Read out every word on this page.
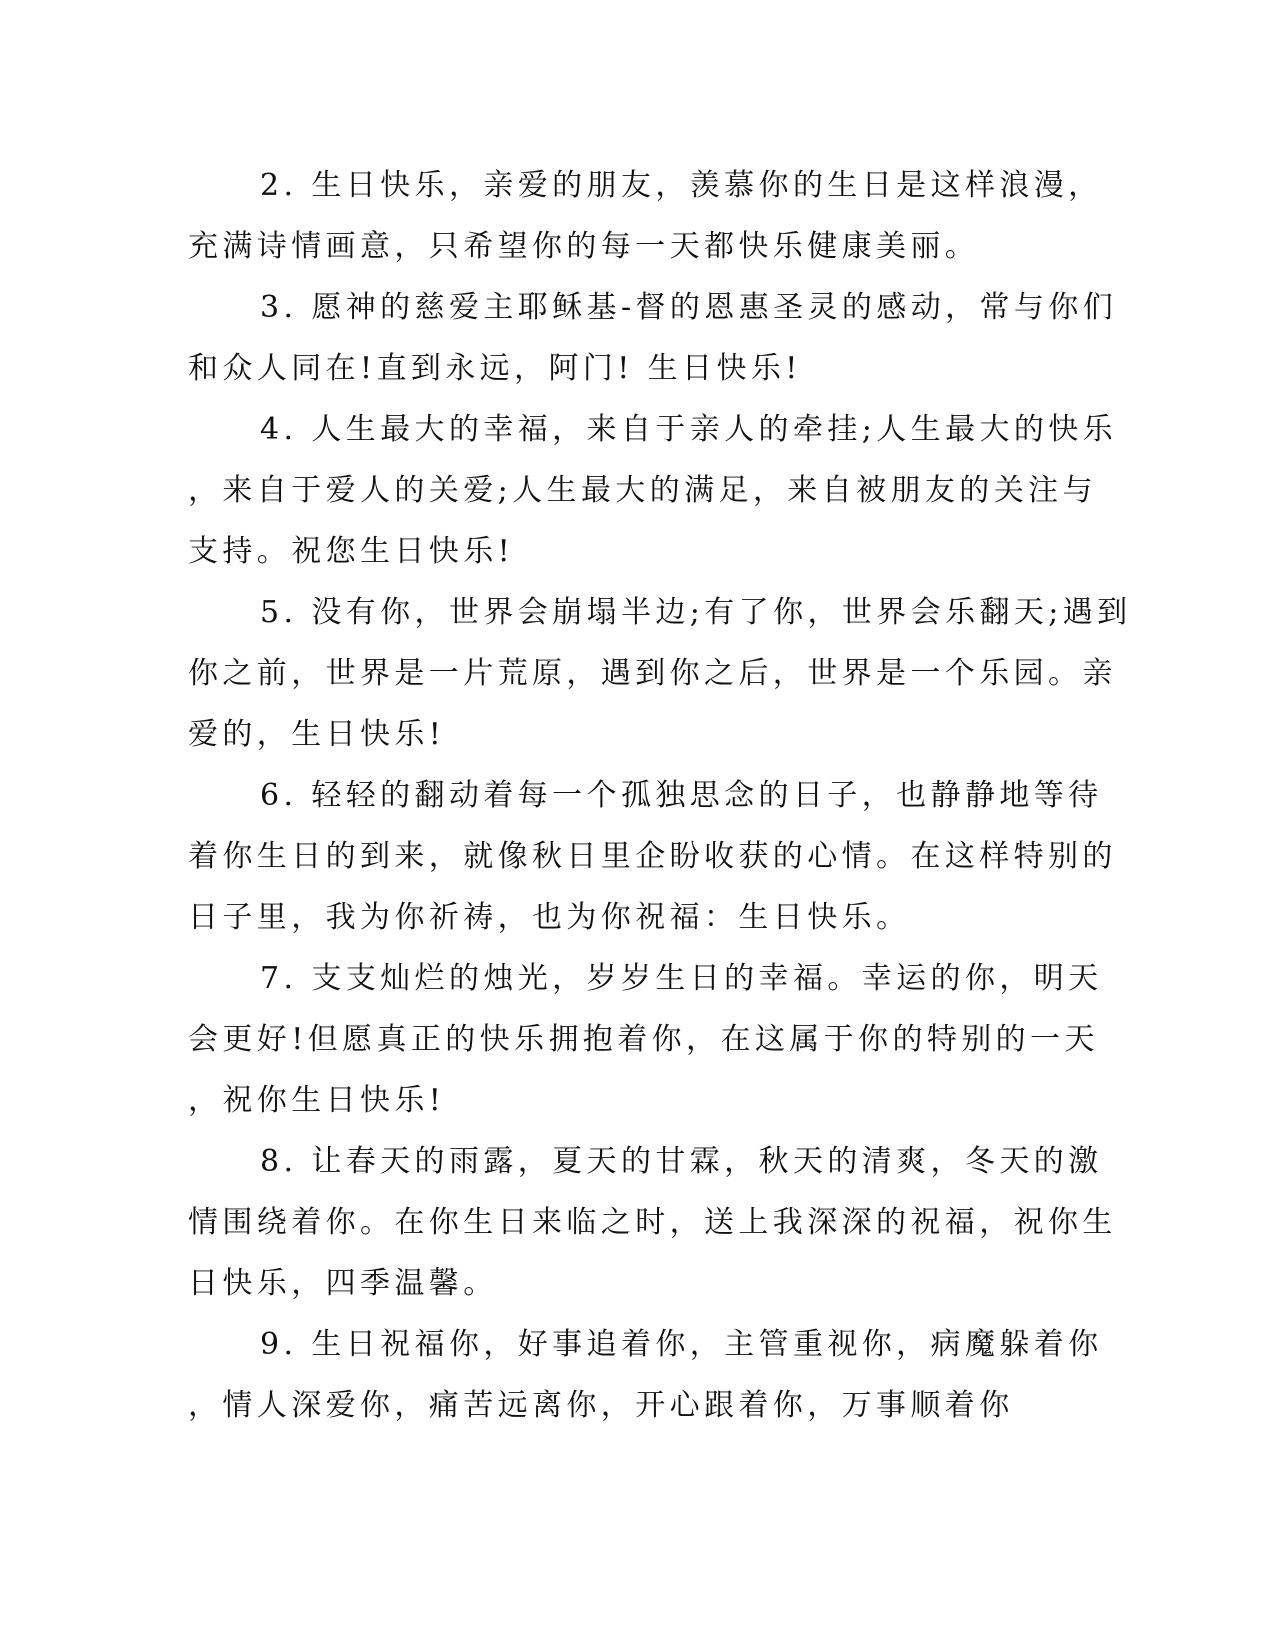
2. 生日快乐，亲爱的朋友，羡慕你的生日是这样浪漫，
充满诗情画意，只希望你的每一天都快乐健康美丽。
3. 愿神的慈爱主耶稣基-督的恩惠圣灵的感动，常与你们
和众人同在!直到永远，阿门! 生日快乐!
4. 人生最大的幸福，来自于亲人的牵挂;人生最大的快乐
，来自于爱人的关爱;人生最大的满足，来自被朋友的关注与
支持。祝您生日快乐!
5. 没有你，世界会崩塌半边;有了你，世界会乐翻天;遇到
你之前，世界是一片荒原，遇到你之后，世界是一个乐园。亲
爱的，生日快乐!
6. 轻轻的翻动着每一个孤独思念的日子，也静静地等待
着你生日的到来，就像秋日里企盼收获的心情。在这样特别的
日子里，我为你祈祷，也为你祝福：生日快乐。
7. 支支灿烂的烛光，岁岁生日的幸福。幸运的你，明天
会更好!但愿真正的快乐拥抱着你，在这属于你的特别的一天
，祝你生日快乐!
8. 让春天的雨露，夏天的甘霖，秋天的清爽，冬天的激
情围绕着你。在你生日来临之时，送上我深深的祝福，祝你生
日快乐，四季温馨。
9. 生日祝福你，好事追着你，主管重视你，病魔躲着你
，情人深爱你，痛苦远离你，开心跟着你，万事顺着你
